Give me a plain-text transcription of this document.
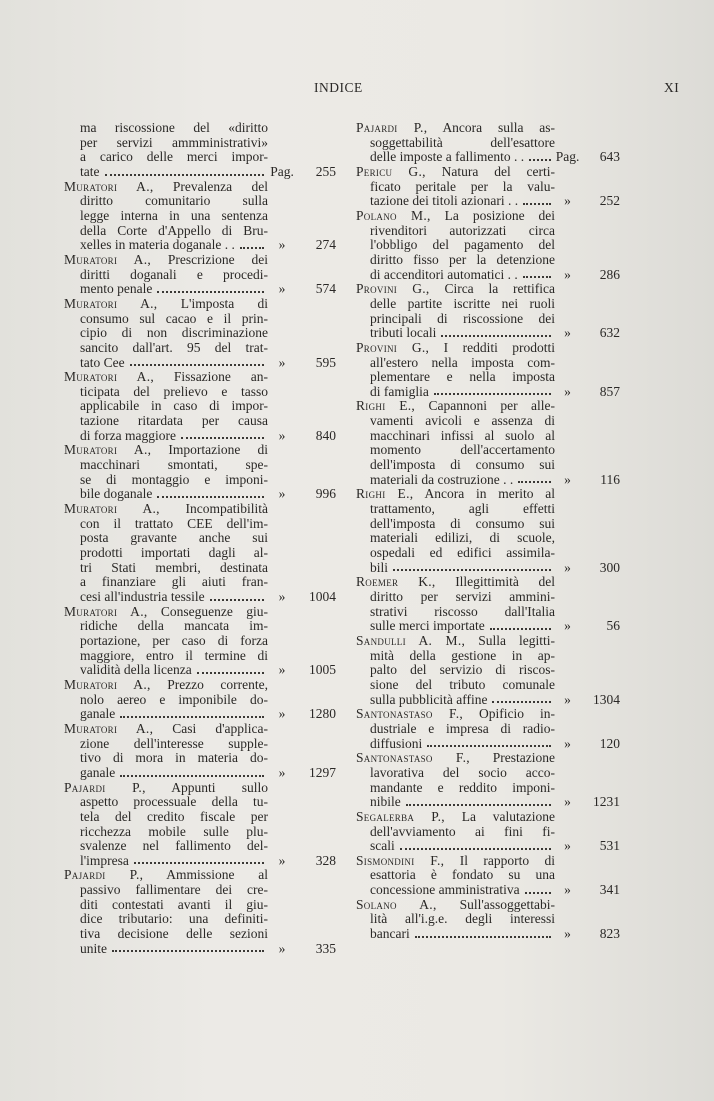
INDICE	XI
ma riscossione del «diritto
per servizi ammministrativi»
a carico delle merci impor-
tate	Pag.	255
Muratori A., Prevalenza del
diritto comunitario sulla
legge interna in una sentenza
della Corte d'Appello di Bru-
xelles in materia doganale . .	»	274
Muratori A., Prescrizione dei
diritti doganali e procedi-
mento penale	»	574
Muratori A., L'imposta di
consumo sul cacao e il prin-
cipio di non discriminazione
sancito dall'art. 95 del trat-
tato Cee	»	595
Muratori A., Fissazione an-
ticipata del prelievo e tasso
applicabile in caso di impor-
tazione ritardata per causa
di forza maggiore	»	840
Muratori A., Importazione di
macchinari smontati, spe-
se di montaggio e imponi-
bile doganale	»	996
Muratori A., Incompatibilità
con il trattato CEE dell'im-
posta gravante anche sui
prodotti importati dagli al-
tri Stati membri, destinata
a finanziare gli aiuti fran-
cesi all'industria tessile	»	1004
Muratori A., Conseguenze giu-
ridiche della mancata im-
portazione, per caso di forza
maggiore, entro il termine di
validità della licenza	»	1005
Muratori A., Prezzo corrente,
nolo aereo e imponibile do-
ganale	»	1280
Muratori A., Casi d'applica-
zione dell'interesse supple-
tivo di mora in materia do-
ganale	»	1297
Pajardi P., Appunti sullo
aspetto processuale della tu-
tela del credito fiscale per
ricchezza mobile sulle plu-
svalenze nel fallimento del-
l'impresa	»	328
Pajardi P., Ammissione al
passivo fallimentare dei cre-
diti contestati avanti il giu-
dice tributario: una definiti-
tiva decisione delle sezioni
unite	»	335
Pajardi P., Ancora sulla as-
soggettabilità dell'esattore
delle imposte a fallimento . . Pag.	643
Pericu G., Natura del certi-
ficato peritale per la valu-
tazione dei titoli azionari . .	»	252
Polano M., La posizione dei
rivenditori autorizzati circa
l'obbligo del pagamento del
diritto fisso per la detenzione
di accenditori automatici . .	»	286
Provini G., Circa la rettifica
delle partite iscritte nei ruoli
principali di riscossione dei
tributi locali	»	632
Provini G., I redditi prodotti
all'estero nella imposta com-
plementare e nella imposta
di famiglia	»	857
Righi E., Capannoni per alle-
vamenti avicoli e assenza di
macchinari infissi al suolo al
momento dell'accertamento
dell'imposta di consumo sui
materiali da costruzione . .	»	116
Righi E., Ancora in merito al
trattamento, agli effetti
dell'imposta di consumo sui
materiali edilizi, di scuole,
ospedali ed edifici assimila-
bili	»	300
Roemer K., Illegittimità del
diritto per servizi ammini-
strativi riscosso dall'Italia
sulle merci importate	»	56
Sandulli A. M., Sulla legitti-
mità della gestione in ap-
palto del servizio di riscos-
sione del tributo comunale
sulla pubblicità affine	»	1304
Santonastaso F., Opificio in-
dustriale e impresa di radio-
diffusioni	»	120
Santonastaso F., Prestazione
lavorativa del socio acco-
mandante e reddito imponi-
nibile	»	1231
Segalerba P., La valutazione
dell'avviamento ai fini fi-
scali	»	531
Sismondini F., Il rapporto di
esattoria è fondato su una
concessione amministrativa	»	341
Solano A., Sull'assoggettabi-
lità all'i.g.e. degli interessi
bancari	»	823
